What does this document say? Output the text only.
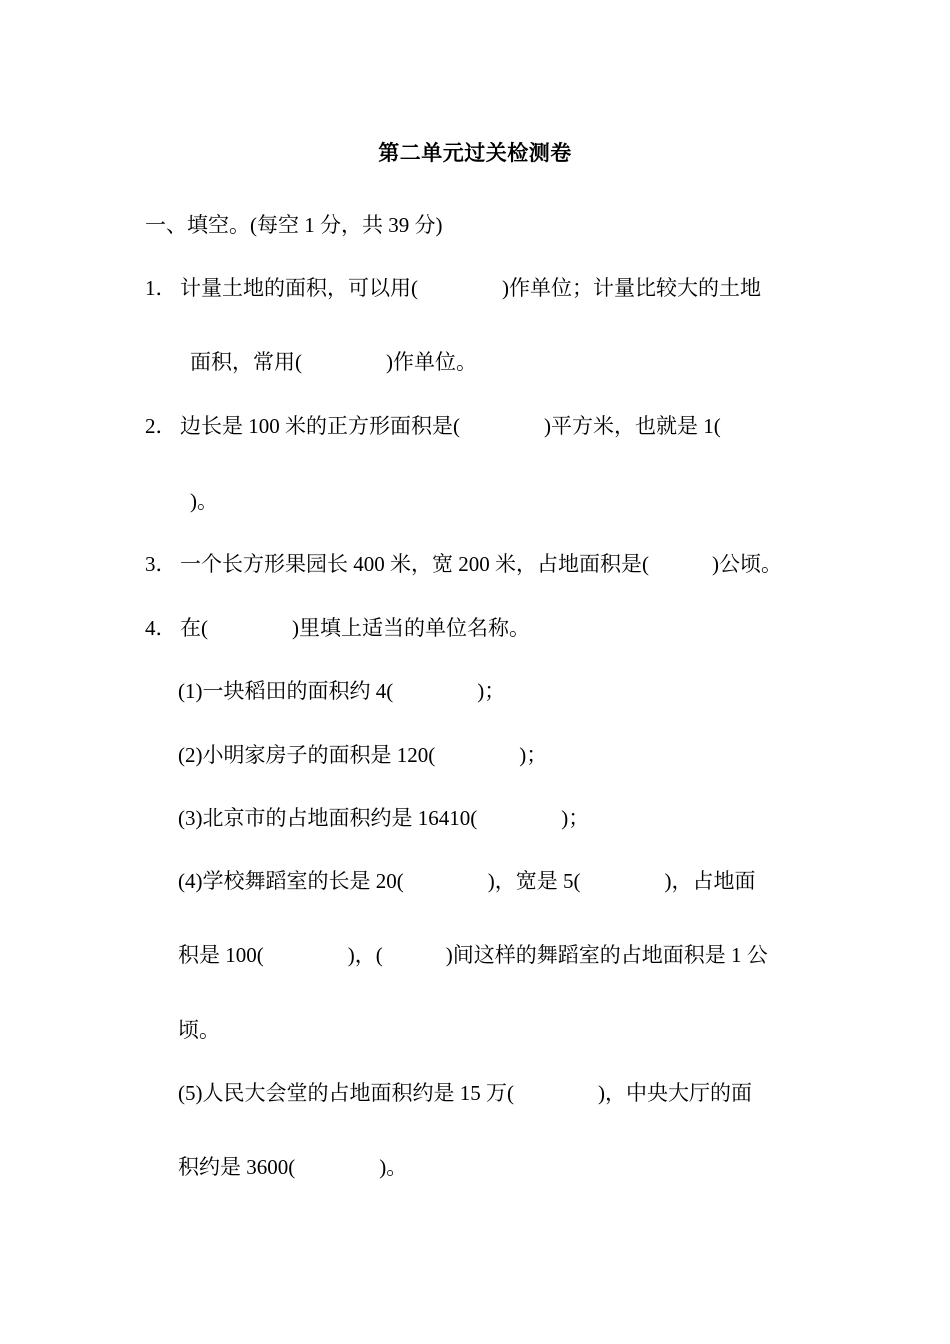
第二单元过关检测卷

一、填空。(每空 1 分，共 39 分)

1． 计量土地的面积，可以用(　　　　)作单位；计量比较大的土地
面积，常用(　　　　)作单位。
2． 边长是 100 米的正方形面积是(　　　　)平方米，也就是 1(
)。
3． 一个长方形果园长 400 米，宽 200 米，占地面积是(　　　)公顷。
4． 在(　　　　)里填上适当的单位名称。
(1)一块稻田的面积约 4(　　　　)；
(2)小明家房子的面积是 120(　　　　)；
(3)北京市的占地面积约是 16410(　　　　)；
(4)学校舞蹈室的长是 20(　　　　)，宽是 5(　　　　)，占地面
积是 100(　　　　)，(　　　)间这样的舞蹈室的占地面积是 1 公
顷。
(5)人民大会堂的占地面积约是 15 万(　　　　)，中央大厅的面
积约是 3600(　　　　)。
